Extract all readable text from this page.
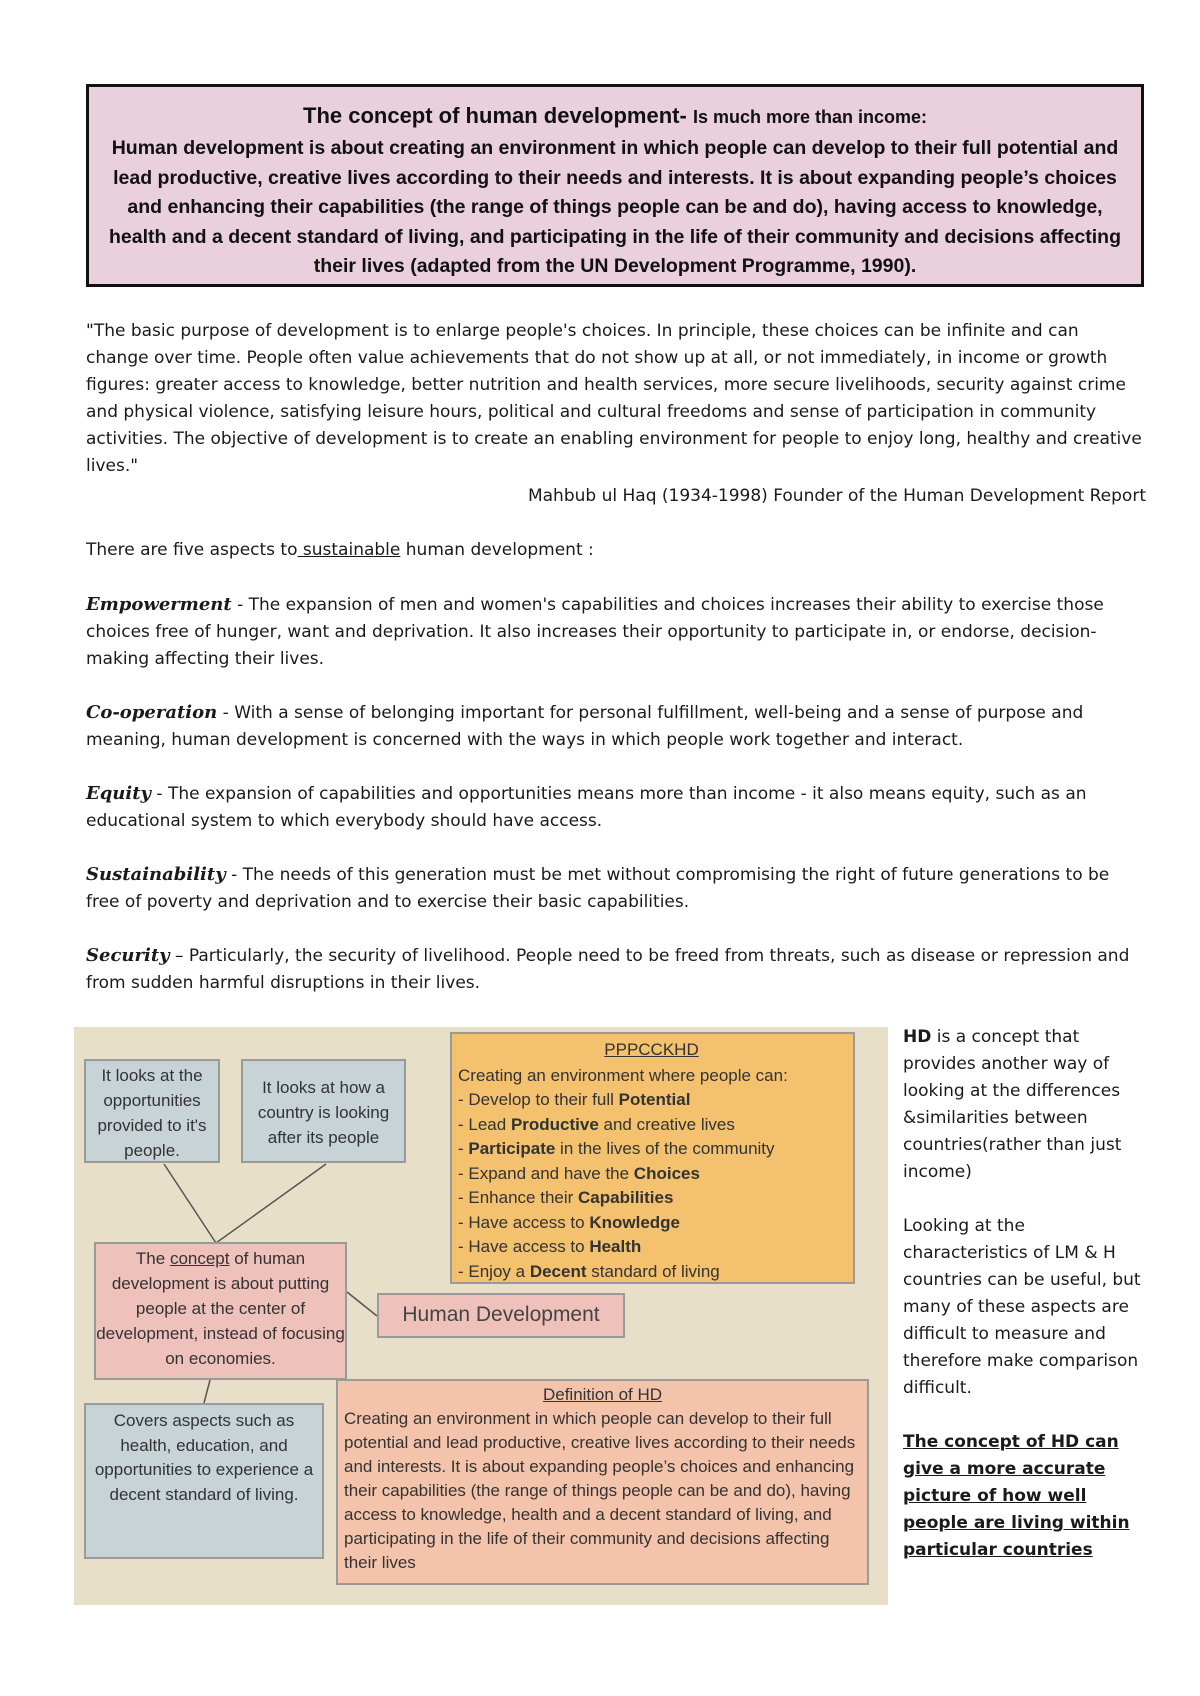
The concept of human development- Is much more than income:
Human development is about creating an environment in which people can develop to their full potential and lead productive, creative lives according to their needs and interests. It is about expanding people’s choices and enhancing their capabilities (the range of things people can be and do), having access to knowledge, health and a decent standard of living, and participating in the life of their community and decisions affecting their lives (adapted from the UN Development Programme, 1990).
"The basic purpose of development is to enlarge people's choices. In principle, these choices can be infinite and can change over time. People often value achievements that do not show up at all, or not immediately, in income or growth figures: greater access to knowledge, better nutrition and health services, more secure livelihoods, security against crime and physical violence, satisfying leisure hours, political and cultural freedoms and sense of participation in community activities. The objective of development is to create an enabling environment for people to enjoy long, healthy and creative lives."
Mahbub ul Haq (1934-1998) Founder of the Human Development Report
There are five aspects to sustainable human development :
Empowerment - The expansion of men and women's capabilities and choices increases their ability to exercise those choices free of hunger, want and deprivation. It also increases their opportunity to participate in, or endorse, decision-making affecting their lives.
Co-operation - With a sense of belonging important for personal fulfillment, well-being and a sense of purpose and meaning, human development is concerned with the ways in which people work together and interact.
Equity - The expansion of capabilities and opportunities means more than income - it also means equity, such as an educational system to which everybody should have access.
Sustainability - The needs of this generation must be met without compromising the right of future generations to be free of poverty and deprivation and to exercise their basic capabilities.
Security – Particularly, the security of livelihood. People need to be freed from threats, such as disease or repression and from sudden harmful disruptions in their lives.
It looks at the opportunities provided to it's people.
It looks at how a country is looking after its people
The concept of human development is about putting people at the center of development, instead of focusing on economies.
Human Development
PPPCCKHD
Creating an environment where people can:
- Develop to their full Potential
- Lead Productive and creative lives
- Participate in the lives of the community
- Expand and have the Choices
- Enhance their Capabilities
- Have access to Knowledge
- Have access to Health
- Enjoy a Decent standard of living
Covers aspects such as health, education, and opportunities to experience a decent standard of living.
Definition of HD
Creating an environment in which people can develop to their full potential and lead productive, creative lives according to their needs and interests. It is about expanding people’s choices and enhancing their capabilities (the range of things people can be and do), having access to knowledge, health and a decent standard of living, and participating in the life of their community and decisions affecting their lives
HD is a concept that provides another way of looking at the differences &similarities between countries(rather than just income)
Looking at the characteristics of LM & H countries can be useful, but many of these aspects are difficult to measure and therefore make comparison difficult.
The concept of HD can give a more accurate picture of how well people are living within particular countries
